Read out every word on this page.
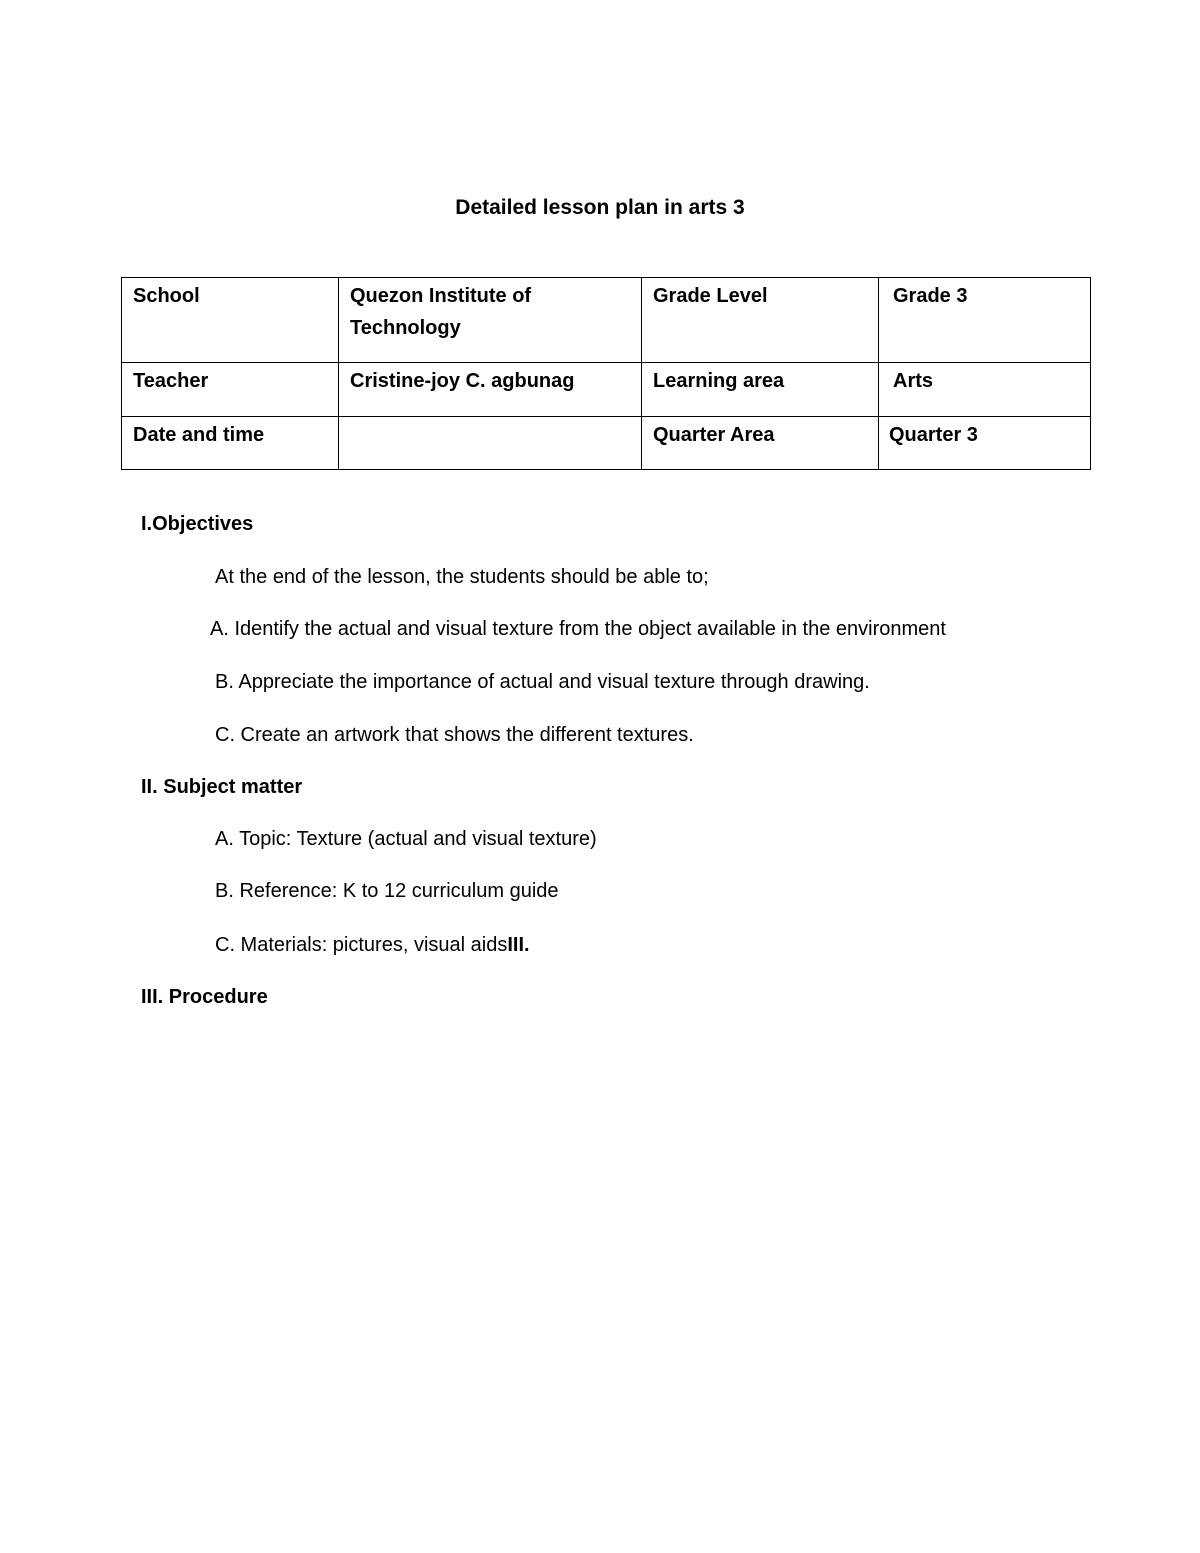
Detailed lesson plan in arts 3
School	Quezon Institute of Technology	Grade Level	Grade 3
Teacher	Cristine-joy C. agbunag	Learning area	Arts
Date and time		Quarter Area	Quarter 3
I.Objectives
At the end of the lesson, the students should be able to;
A. Identify the actual and visual texture from the object available in the environment
B. Appreciate the importance of actual and visual texture through drawing.
C. Create an artwork that shows the different textures.
II. Subject matter
A. Topic: Texture (actual and visual texture)
B. Reference: K to 12 curriculum guide
C. Materials: pictures, visual aidsIII.
III. Procedure
